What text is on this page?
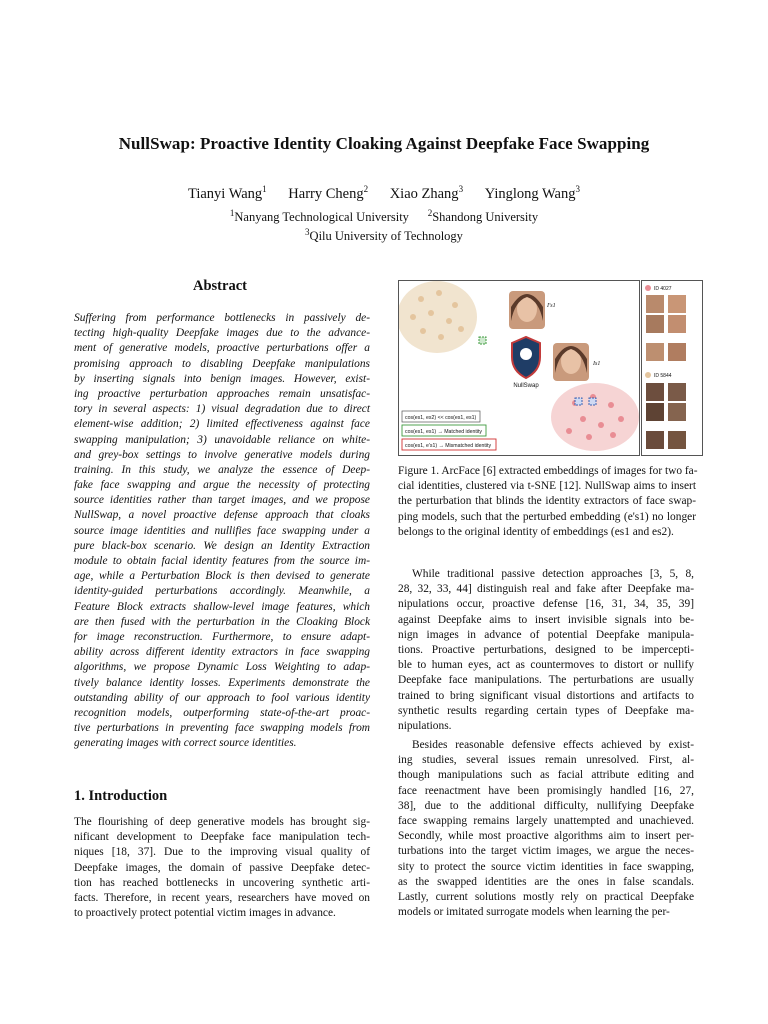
NullSwap: Proactive Identity Cloaking Against Deepfake Face Swapping
Tianyi Wang$^1$ Harry Cheng$^2$ Xiao Zhang$^3$ Yinglong Wang$^3$
$^1$Nanyang Technological University $^2$Shandong University
$^3$Qilu University of Technology
Abstract
Suffering from performance bottlenecks in passively de-
tecting high-quality Deepfake images due to the advance-
ment of generative models, proactive perturbations offer a
promising approach to disabling Deepfake manipulations
by inserting signals into benign images. However, exist-
ing proactive perturbation approaches remain unsatisfac-
tory in several aspects: 1) visual degradation due to direct
element-wise addition; 2) limited effectiveness against face
swapping manipulation; 3) unavoidable reliance on white-
and grey-box settings to involve generative models during
training. In this study, we analyze the essence of Deep-
fake face swapping and argue the necessity of protecting
source identities rather than target images, and we propose
NullSwap, a novel proactive defense approach that cloaks
source image identities and nullifies face swapping under a
pure black-box scenario. We design an Identity Extraction
module to obtain facial identity features from the source im-
age, while a Perturbation Block is then devised to generate
identity-guided perturbations accordingly. Meanwhile, a
Feature Block extracts shallow-level image features, which
are then fused with the perturbation in the Cloaking Block
for image reconstruction. Furthermore, to ensure adapt-
ability across different identity extractors in face swapping
algorithms, we propose Dynamic Loss Weighting to adap-
tively balance identity losses. Experiments demonstrate the
outstanding ability of our approach to fool various identity
recognition models, outperforming state-of-the-art proac-
tive perturbations in preventing face swapping models from
generating images with correct source identities.
1. Introduction
The flourishing of deep generative models has brought sig-
nificant development to Deepfake face manipulation tech-
niques [18, 37]. Due to the improving visual quality of
Deepfake images, the domain of passive Deepfake detec-
tion has reached bottlenecks in uncovering synthetic arti-
facts. Therefore, in recent years, researchers have moved on
to proactively protect potential victim images in advance.
While traditional passive detection approaches [3, 5, 8,
28, 32, 33, 44] distinguish real and fake after Deepfake ma-
nipulations occur, proactive defense [16, 31, 34, 35, 39]
against Deepfake aims to insert invisible signals into be-
nign images in advance of potential Deepfake manipula-
tions. Proactive perturbations, designed to be impercepti-
ble to human eyes, act as countermoves to distort or nullify
Deepfake face manipulations. The perturbations are usually
trained to bring significant visual distortions and artifacts to
synthetic results regarding certain types of Deepfake ma-
nipulations.
Besides reasonable defensive effects achieved by exist-
ing studies, several issues remain unresolved. First, al-
though manipulations such as facial attribute editing and
face reenactment have been promisingly handled [16, 27,
38], due to the additional difficulty, nullifying Deepfake
face swapping remains largely unattempted and unachieved.
Secondly, while most proactive algorithms aim to insert per-
turbations into the target victim images, we argue the neces-
sity to protect the source victim identities in face swapping,
as the swapped identities are the ones in false scandals.
Lastly, current solutions mostly rely on practical Deepfake
models or imitated surrogate models when learning the per-
NullSwap
I's1
Is1
cos(es1, es2) << cos(es1, es1)
cos(es1, es1) → Matched identity
cos(es1, e's1) → Mismatched identity
ID 4027
ID 5844
Figure 1. ArcFace [6] extracted embeddings of images for two fa-
cial identities, clustered via t-SNE [12]. NullSwap aims to insert
the perturbation that blinds the identity extractors of face swap-
ping models, such that the perturbed embedding (e's1) no longer
belongs to the original identity of embeddings (es1 and es2).
